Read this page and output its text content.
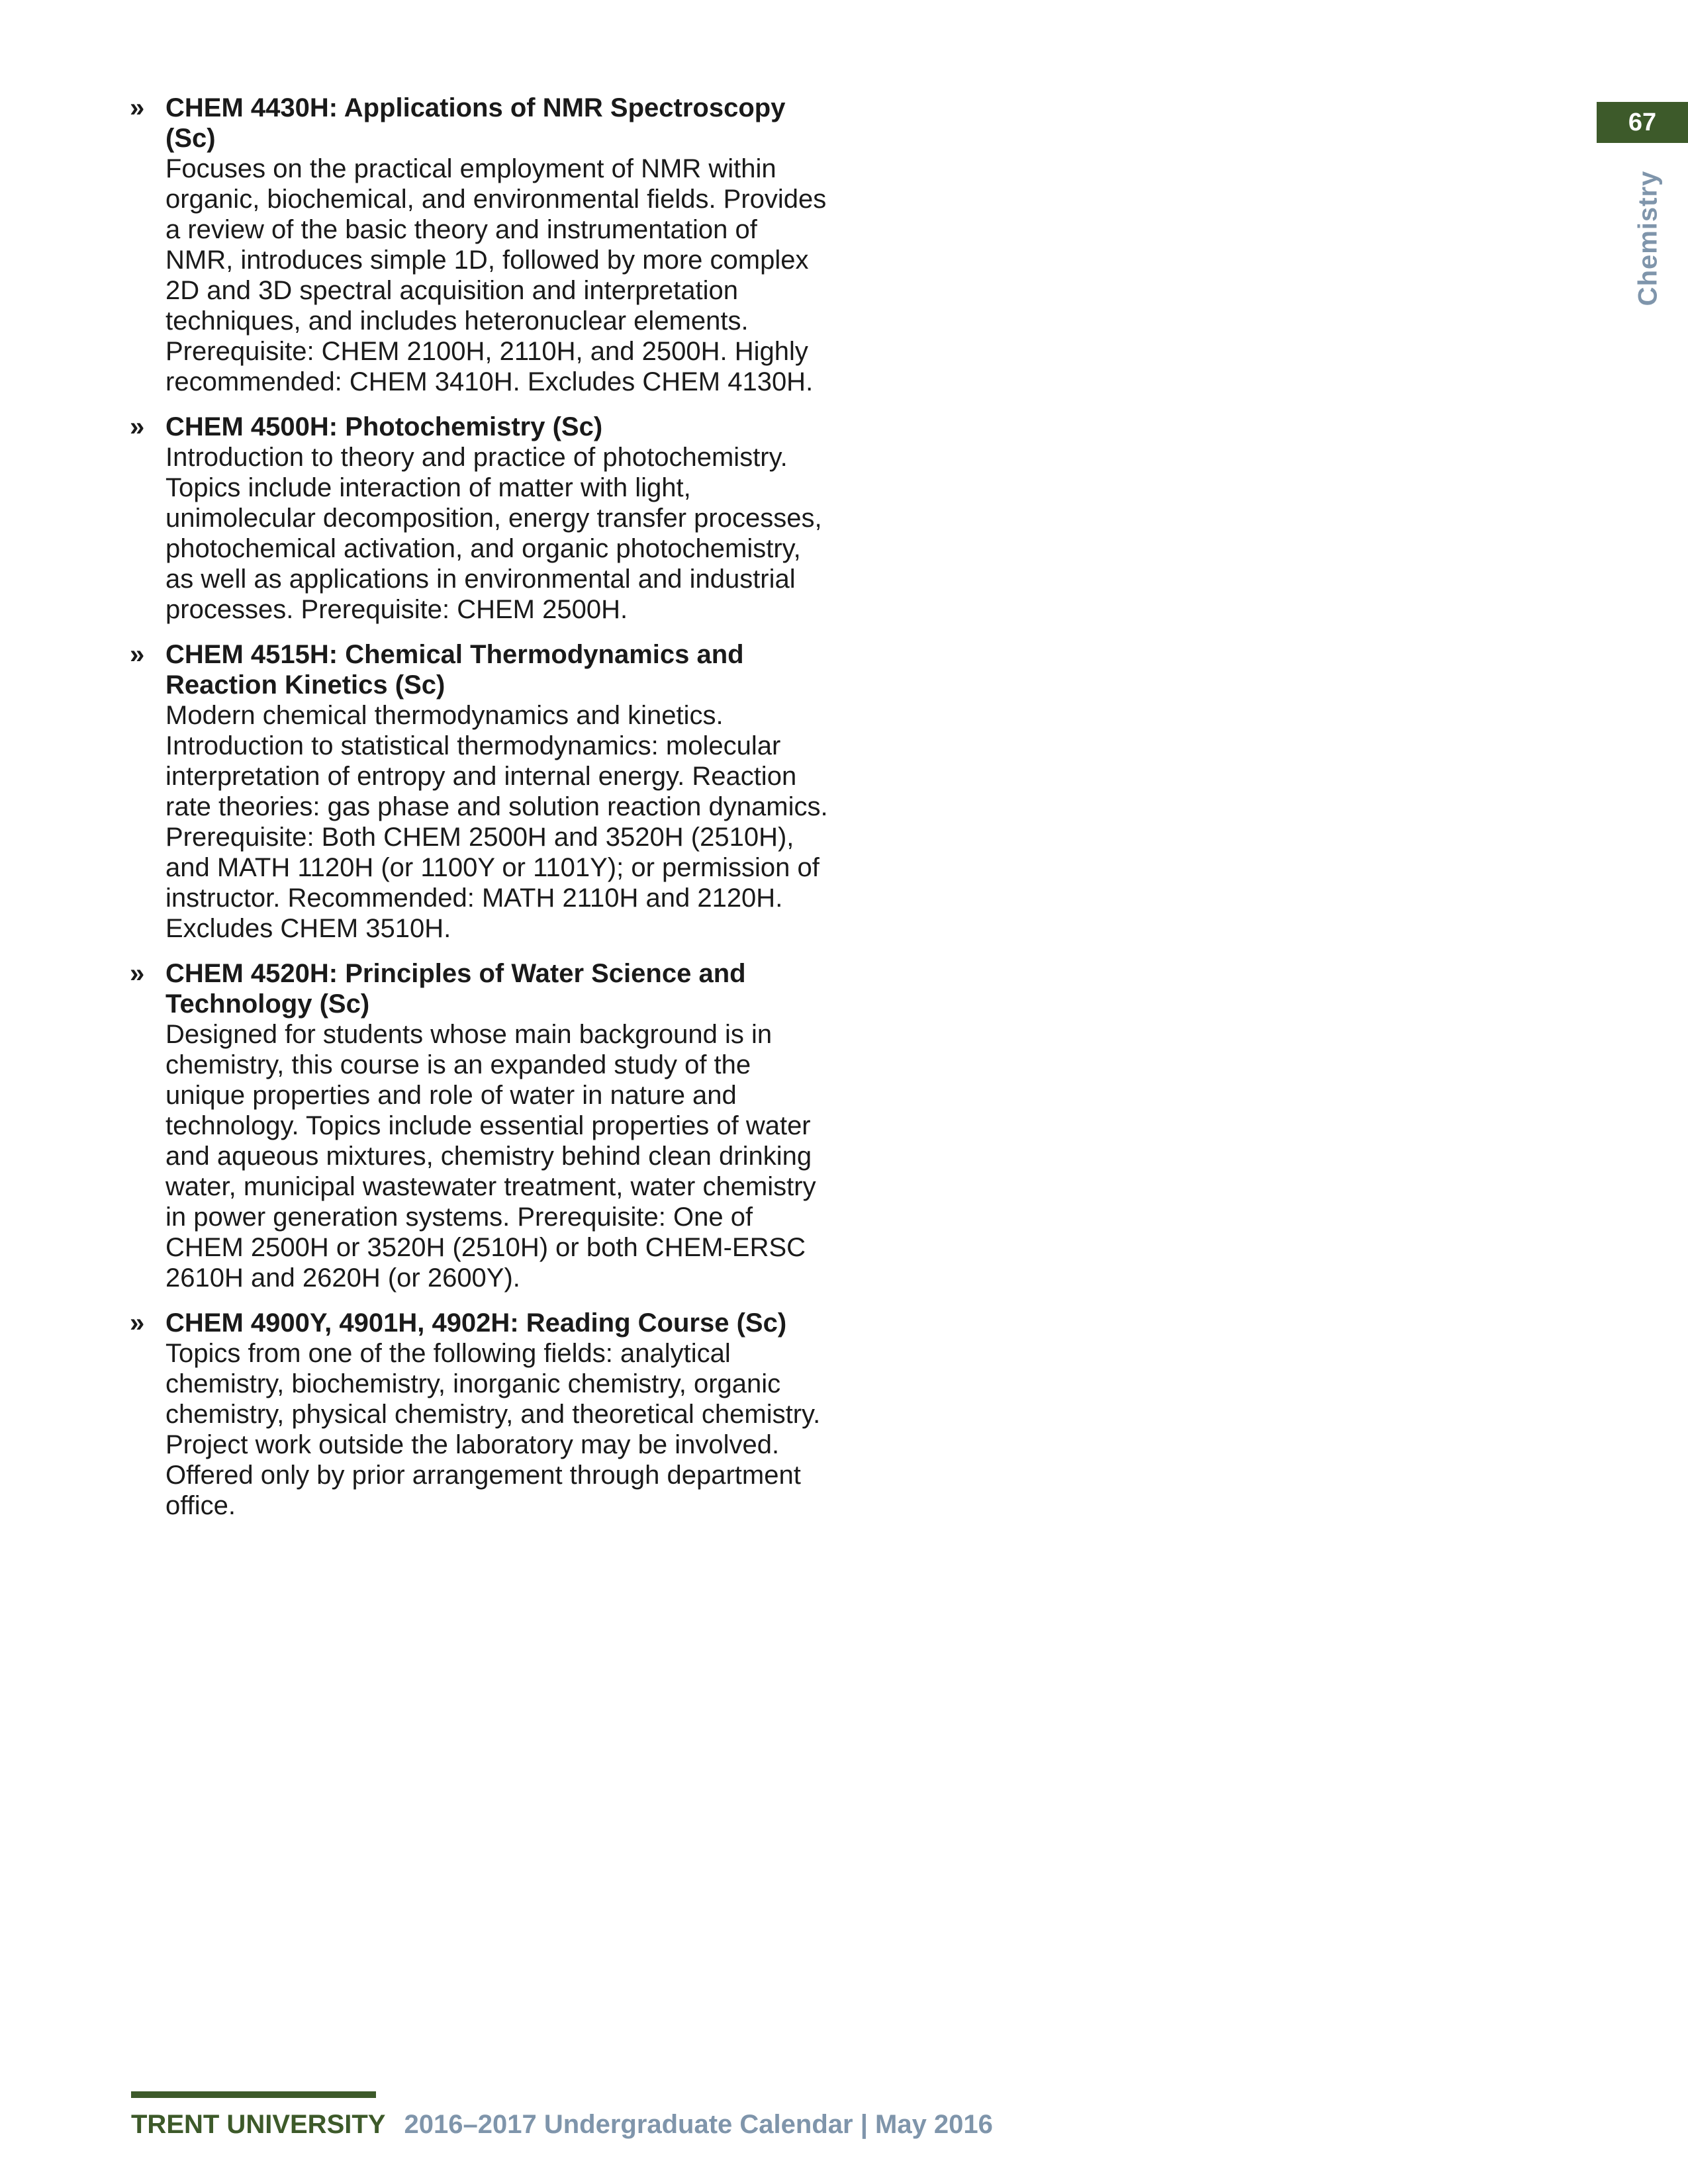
67
Chemistry
» CHEM 4430H: Applications of NMR Spectroscopy (Sc)
Focuses on the practical employment of NMR within organic, biochemical, and environmental fields. Provides a review of the basic theory and instrumentation of NMR, introduces simple 1D, followed by more complex 2D and 3D spectral acquisition and interpretation techniques, and includes heteronuclear elements. Prerequisite: CHEM 2100H, 2110H, and 2500H. Highly recommended: CHEM 3410H. Excludes CHEM 4130H.
» CHEM 4500H: Photochemistry (Sc)
Introduction to theory and practice of photochemistry. Topics include interaction of matter with light, unimolecular decomposition, energy transfer processes, photochemical activation, and organic photochemistry, as well as applications in environmental and industrial processes. Prerequisite: CHEM 2500H.
» CHEM 4515H: Chemical Thermodynamics and Reaction Kinetics (Sc)
Modern chemical thermodynamics and kinetics. Introduction to statistical thermodynamics: molecular interpretation of entropy and internal energy. Reaction rate theories: gas phase and solution reaction dynamics. Prerequisite: Both CHEM 2500H and 3520H (2510H), and MATH 1120H (or 1100Y or 1101Y); or permission of instructor. Recommended: MATH 2110H and 2120H. Excludes CHEM 3510H.
» CHEM 4520H: Principles of Water Science and Technology (Sc)
Designed for students whose main background is in chemistry, this course is an expanded study of the unique properties and role of water in nature and technology. Topics include essential properties of water and aqueous mixtures, chemistry behind clean drinking water, municipal wastewater treatment, water chemistry in power generation systems. Prerequisite: One of CHEM 2500H or 3520H (2510H) or both CHEM-ERSC 2610H and 2620H (or 2600Y).
» CHEM 4900Y, 4901H, 4902H: Reading Course (Sc)
Topics from one of the following fields: analytical chemistry, biochemistry, inorganic chemistry, organic chemistry, physical chemistry, and theoretical chemistry. Project work outside the laboratory may be involved. Offered only by prior arrangement through department office.
TRENT UNIVERSITY 2016–2017 Undergraduate Calendar | May 2016
